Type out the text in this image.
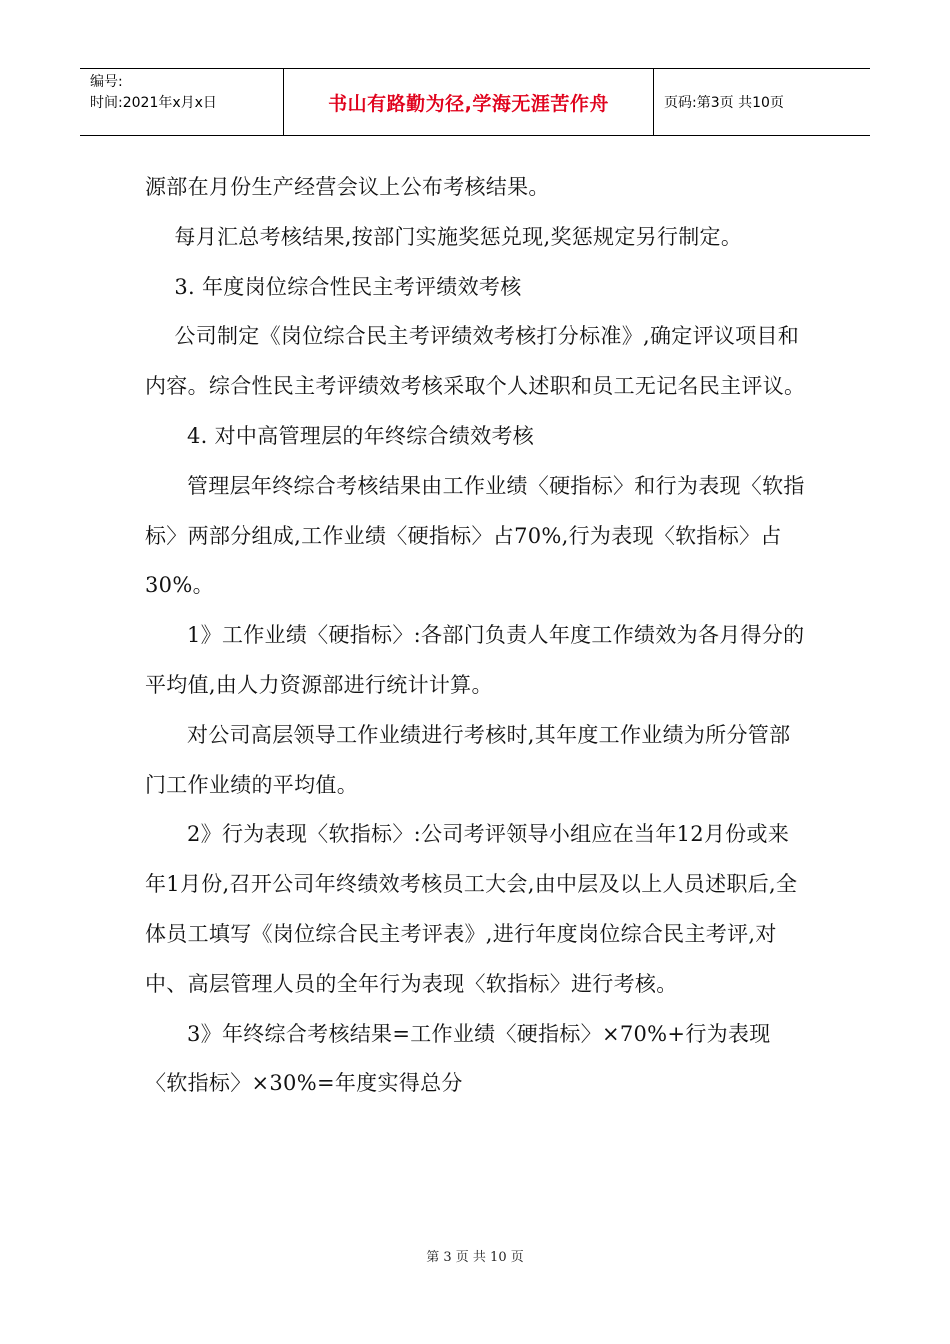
编号:
时间:2021年x月x日	书山有路勤为径,学海无涯苦作舟	页码:第3页 共10页

源部在月份生产经营会议上公布考核结果。

每月汇总考核结果,按部门实施奖惩兑现,奖惩规定另行制定。

3. 年度岗位综合性民主考评绩效考核

公司制定《岗位综合民主考评绩效考核打分标准》,确定评议项目和内容。综合性民主考评绩效考核采取个人述职和员工无记名民主评议。

4. 对中高管理层的年终综合绩效考核

管理层年终综合考核结果由工作业绩〈硬指标〉和行为表现〈软指标〉两部分组成,工作业绩〈硬指标〉占70%,行为表现〈软指标〉占30%。

1》工作业绩〈硬指标〉:各部门负责人年度工作绩效为各月得分的平均值,由人力资源部进行统计计算。

对公司高层领导工作业绩进行考核时,其年度工作业绩为所分管部门工作业绩的平均值。

2》行为表现〈软指标〉:公司考评领导小组应在当年12月份或来年1月份,召开公司年终绩效考核员工大会,由中层及以上人员述职后,全体员工填写《岗位综合民主考评表》,进行年度岗位综合民主考评,对中、高层管理人员的全年行为表现〈软指标〉进行考核。

3》年终综合考核结果=工作业绩〈硬指标〉×70%+行为表现〈软指标〉×30%=年度实得总分

第 3 页 共 10 页
